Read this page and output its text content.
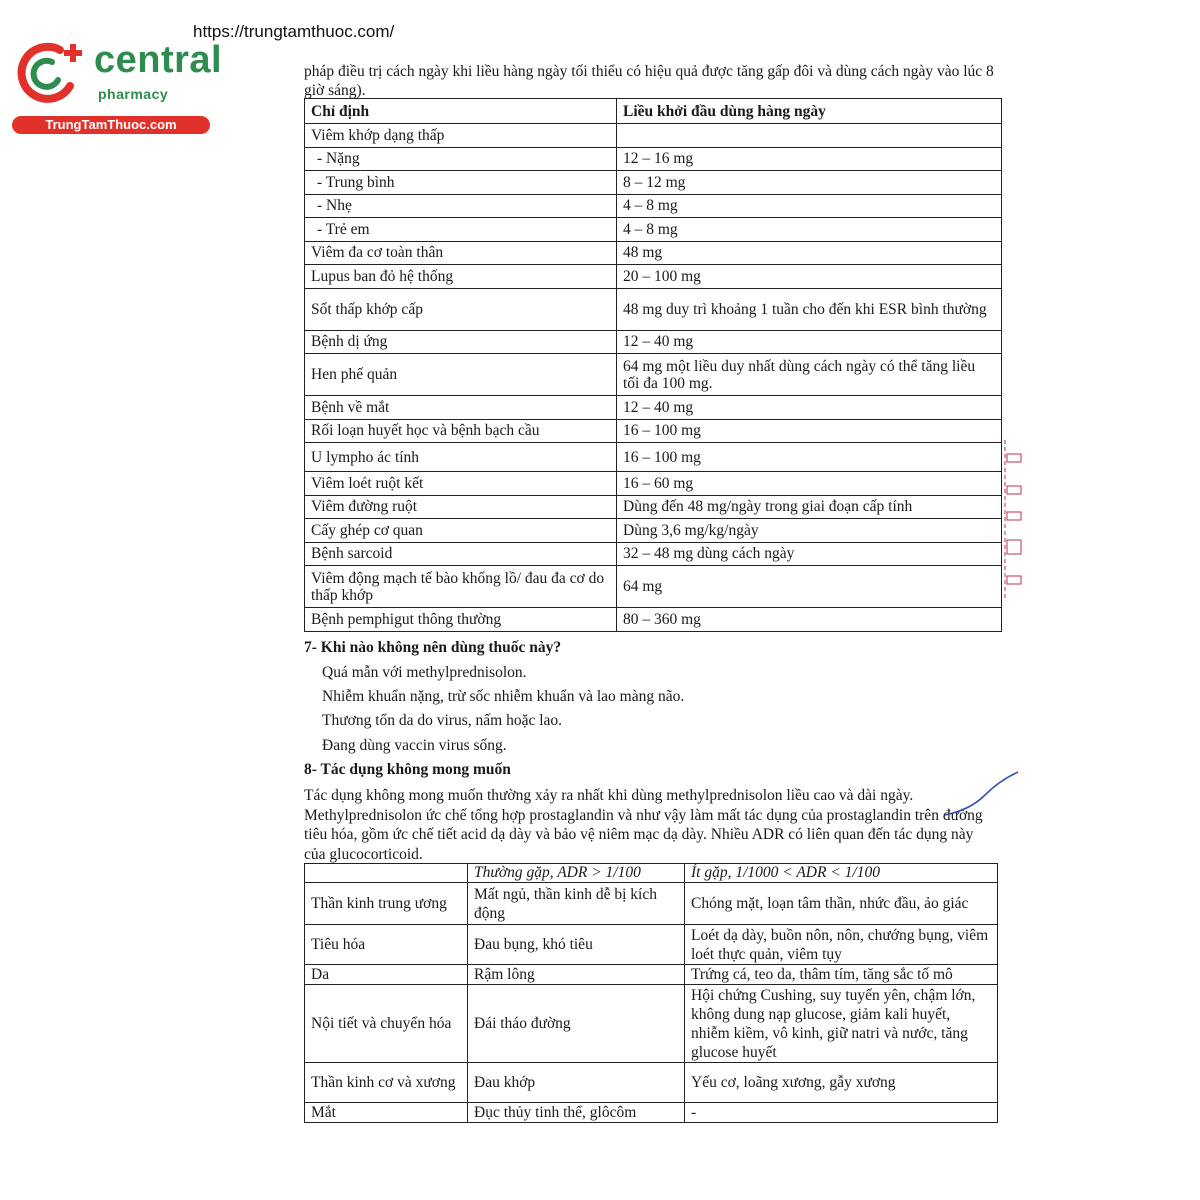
https://trungtamthuoc.com/
central
pharmacy
TrungTamThuoc.com
pháp điều trị cách ngày khi liều hàng ngày tối thiểu có hiệu quả được tăng gấp đôi và dùng cách ngày vào lúc 8 giờ sáng).
Chỉ định	Liều khởi đầu dùng hàng ngày
Viêm khớp dạng thấp	
- Nặng	12 – 16 mg
- Trung bình	8 – 12 mg
- Nhẹ	4 – 8 mg
- Trẻ em	4 – 8 mg
Viêm đa cơ toàn thân	48 mg
Lupus ban đỏ hệ thống	20 – 100 mg
Sốt thấp khớp cấp	48 mg duy trì khoảng 1 tuần cho đến khi ESR bình thường
Bệnh dị ứng	12 – 40 mg
Hen phế quản	64 mg một liều duy nhất dùng cách ngày có thể tăng liều tối đa 100 mg.
Bệnh về mắt	12 – 40 mg
Rối loạn huyết học và bệnh bạch cầu	16 – 100 mg
U lympho ác tính	16 – 100 mg
Viêm loét ruột kết	16 – 60 mg
Viêm đường ruột	Dùng đến 48 mg/ngày trong giai đoạn cấp tính
Cấy ghép cơ quan	Dùng 3,6 mg/kg/ngày
Bệnh sarcoid	32 – 48 mg dùng cách ngày
Viêm động mạch tế bào khổng lồ/ đau đa cơ do thấp khớp	64 mg
Bệnh pemphigut thông thường	80 – 360 mg
7- Khi nào không nên dùng thuốc này?
Quá mẫn với methylprednisolon.
Nhiễm khuẩn nặng, trừ sốc nhiễm khuẩn và lao màng não.
Thương tổn da do virus, nấm hoặc lao.
Đang dùng vaccin virus sống.
8- Tác dụng không mong muốn
Tác dụng không mong muốn thường xảy ra nhất khi dùng methylprednisolon liều cao và dài ngày. Methylprednisolon ức chế tổng hợp prostaglandin và như vậy làm mất tác dụng của prostaglandin trên đường tiêu hóa, gồm ức chế tiết acid dạ dày và bảo vệ niêm mạc dạ dày. Nhiều ADR có liên quan đến tác dụng này của glucocorticoid.
	Thường gặp, ADR > 1/100	Ít gặp, 1/1000 < ADR < 1/100
Thần kinh trung ương	Mất ngủ, thần kinh dễ bị kích động	Chóng mặt, loạn tâm thần, nhức đầu, ảo giác
Tiêu hóa	Đau bụng, khó tiêu	Loét dạ dày, buồn nôn, nôn, chướng bụng, viêm loét thực quản, viêm tụy
Da	Rậm lông	Trứng cá, teo da, thâm tím, tăng sắc tố mô
Nội tiết và chuyển hóa	Đái tháo đường	Hội chứng Cushing, suy tuyến yên, chậm lớn, không dung nạp glucose, giảm kali huyết, nhiễm kiềm, vô kinh, giữ natri và nước, tăng glucose huyết
Thần kinh cơ và xương	Đau khớp	Yếu cơ, loãng xương, gẫy xương
Mắt	Đục thủy tinh thể, glôcôm	-
